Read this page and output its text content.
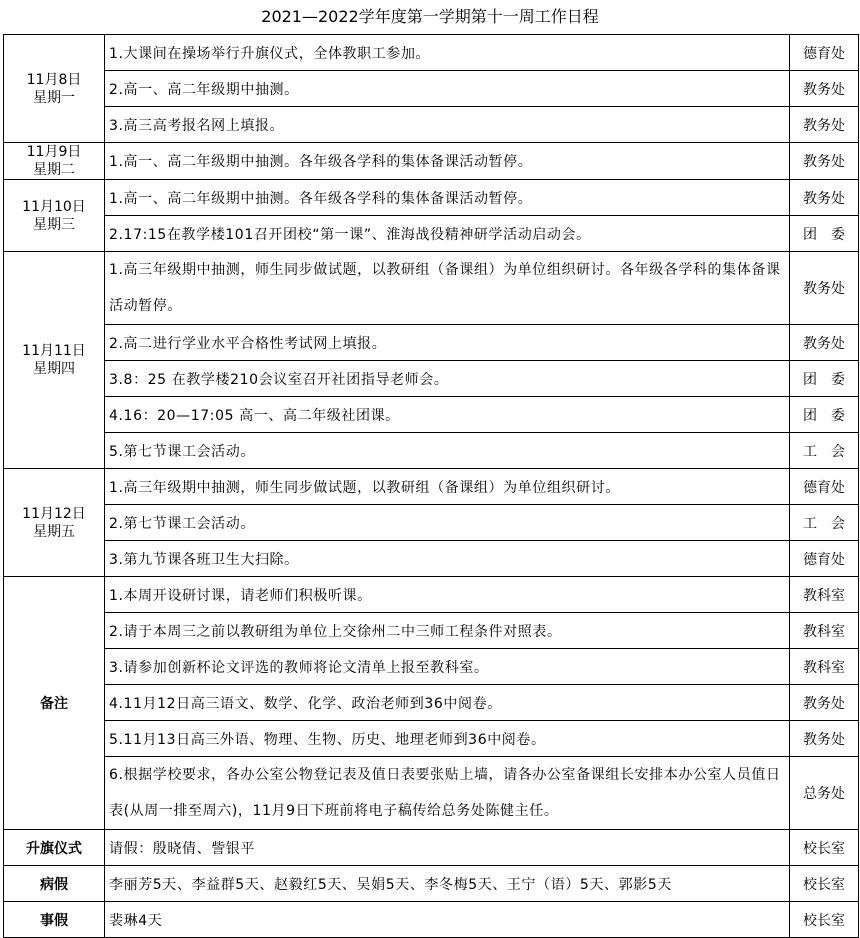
2021—2022学年度第一学期第十一周工作日程
11月8日
星期一	1.大课间在操场举行升旗仪式，全体教职工参加。	德育处
	2.高一、高二年级期中抽测。	教务处
	3.高三高考报名网上填报。	教务处

11月9日
星期二	1.高一、高二年级期中抽测。各年级各学科的集体备课活动暂停。	教务处

11月10日
星期三	1.高一、高二年级期中抽测。各年级各学科的集体备课活动暂停。	教务处
	2.17:15在教学楼101召开团校“第一课”、淮海战役精神研学活动启动会。	团　委

11月11日
星期四	1.高三年级期中抽测，师生同步做试题，以教研组（备课组）为单位组织研讨。各年级各学科的集体备课活动暂停。	教务处
	2.高二进行学业水平合格性考试网上填报。	教务处
	3.8：25 在教学楼210会议室召开社团指导老师会。	团　委
	4.16：20—17:05 高一、高二年级社团课。	团　委
	5.第七节课工会活动。	工　会

11月12日
星期五	1.高三年级期中抽测，师生同步做试题，以教研组（备课组）为单位组织研讨。	德育处
	2.第七节课工会活动。	工　会
	3.第九节课各班卫生大扫除。	德育处
备注	1.本周开设研讨课，请老师们积极听课。	教科室
	2.请于本周三之前以教研组为单位上交徐州二中三师工程条件对照表。	教科室
	3.请参加创新杯论文评选的教师将论文清单上报至教科室。	教科室
	4.11月12日高三语文、数学、化学、政治老师到36中阅卷。	教务处
	5.11月13日高三外语、物理、生物、历史、地理老师到36中阅卷。	教务处
	6.根据学校要求，各办公室公物登记表及值日表要张贴上墙，请各办公室备课组长安排本办公室人员值日表(从周一排至周六)，11月9日下班前将电子稿传给总务处陈健主任。	总务处
升旗仪式	请假：殷晓倩、訾银平	校长室
病假	李丽芳5天、李益群5天、赵毅红5天、吴娟5天、李冬梅5天、王宁（语）5天、郭影5天	校长室
事假	裴琳4天	校长室
